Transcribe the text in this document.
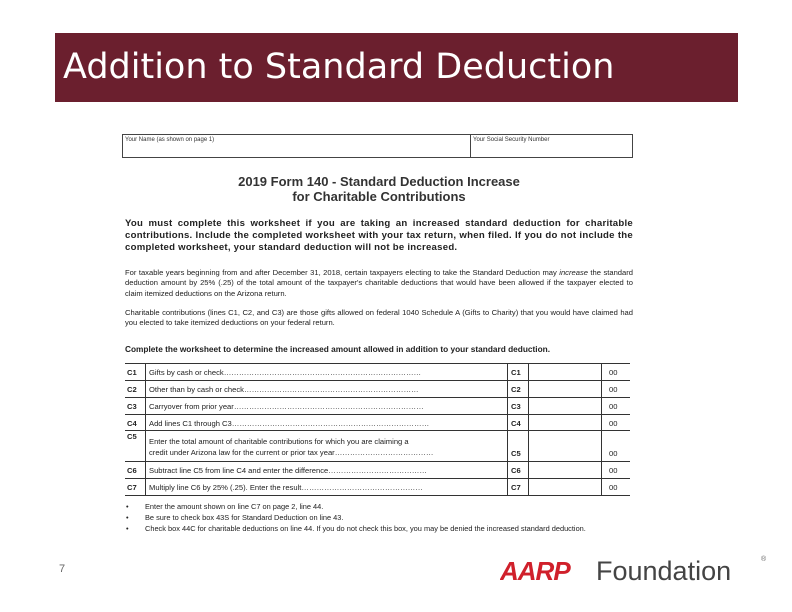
Addition to Standard Deduction
Your Name (as shown on page 1)	Your Social Security Number
2019 Form 140 - Standard Deduction Increase
for Charitable Contributions
You must complete this worksheet if you are taking an increased standard deduction for charitable contributions. Include the completed worksheet with your tax return, when filed. If you do not include the completed worksheet, your standard deduction will not be increased.
For taxable years beginning from and after December 31, 2018, certain taxpayers electing to take the Standard Deduction may increase the standard deduction amount by 25% (.25) of the total amount of the taxpayer's charitable deductions that would have been allowed if the taxpayer elected to claim itemized deductions on the Arizona return.
Charitable contributions (lines C1, C2, and C3) are those gifts allowed on federal 1040 Schedule A (Gifts to Charity) that you would have claimed had you elected to take itemized deductions on your federal return.
Complete the worksheet to determine the increased amount allowed in addition to your standard deduction.
C1 Gifts by cash or check……………………………………………………………………	C1	00
C2 Other than by cash or check……………………………………………………………	C2	00
C3 Carryover from prior year…………………………………………………………………	C3	00
C4 Add lines C1 through C3……………………………………………………………………	C4	00
C5
Enter the total amount of charitable contributions for which you are claiming a
credit under Arizona law for the current or prior tax year…………………………………	C5	00
C6 Subtract line C5 from line C4 and enter the difference…………………………………	C6	00
C7 Multiply line C6 by 25% (.25). Enter the result…………………………………………	C7	00
• Enter the amount shown on line C7 on page 2, line 44.
• Be sure to check box 43S for Standard Deduction on line 43.
• Check box 44C for charitable deductions on line 44. If you do not check this box, you may be denied the increased standard deduction.
7	AARP Foundation	®
